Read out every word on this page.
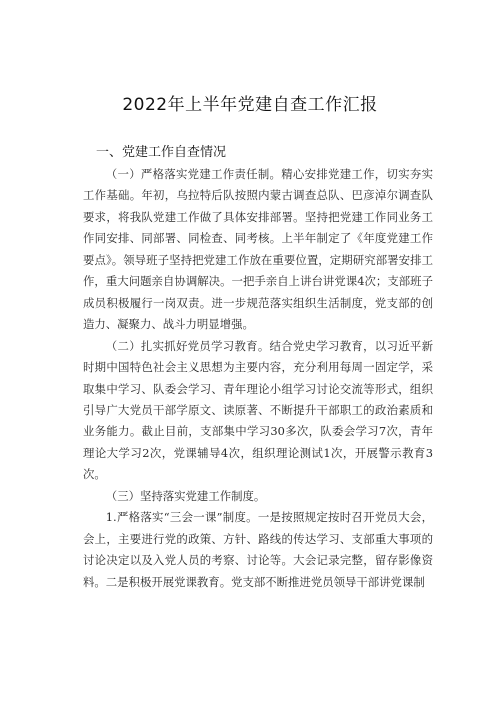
2022年上半年党建自查工作汇报
一、党建工作自查情况

（一）严格落实党建工作责任制。精心安排党建工作，切实夯实工作基础。年初，乌拉特后队按照内蒙古调查总队、巴彦淖尔调查队要求，将我队党建工作做了具体安排部署。坚持把党建工作同业务工作同安排、同部署、同检查、同考核。上半年制定了《年度党建工作要点》。领导班子坚持把党建工作放在重要位置，定期研究部署安排工作，重大问题亲自协调解决。一把手亲自上讲台讲党课4次；支部班子成员积极履行一岗双责。进一步规范落实组织生活制度，党支部的创造力、凝聚力、战斗力明显增强。

（二）扎实抓好党员学习教育。结合党史学习教育，以习近平新时期中国特色社会主义思想为主要内容，充分利用每周一固定学，采取集中学习、队委会学习、青年理论小组学习讨论交流等形式，组织引导广大党员干部学原文、读原著、不断提升干部职工的政治素质和业务能力。截止目前，支部集中学习30多次，队委会学习7次，青年理论大学习2次，党课辅导4次，组织理论测试1次，开展警示教育3次。

（三）坚持落实党建工作制度。

1.严格落实“三会一课”制度。一是按照规定按时召开党员大会，会上，主要进行党的政策、方针、路线的传达学习、支部重大事项的讨论决定以及入党人员的考察、讨论等。大会记录完整，留存影像资料。二是积极开展党课教育。党支部不断推进党员领导干部讲党课制
